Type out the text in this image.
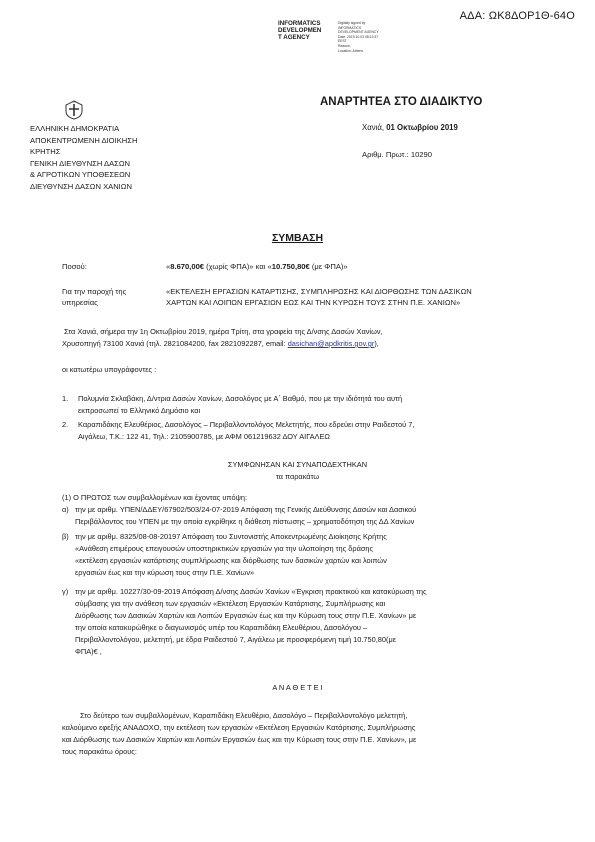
ΑΔΑ: ΩΚ8ΔΟΡ1Θ-64Ο
INFORMATICS
DEVELOPMEN
T AGENCY
Digitally signed by
INFORMATICS
DEVELOPMENT AGENCY
Date: 2019.10.03 08:13:37
EEST
Reason:
Location: Athens
ΕΛΛΗΝΙΚΗ ΔΗΜΟΚΡΑΤΙΑ
ΑΠΟΚΕΝΤΡΩΜΕΝΗ ΔΙΟΙΚΗΣΗ
ΚΡΗΤΗΣ
ΓΕΝΙΚΗ ΔΙΕΥΘΥΝΣΗ ΔΑΣΩΝ
& ΑΓΡΟΤΙΚΩΝ ΥΠΟΘΕΣΕΩΝ
ΔΙΕΥΘΥΝΣΗ ΔΑΣΩΝ ΧΑΝΙΩΝ
ΑΝΑΡΤΗΤΕΑ ΣΤΟ ΔΙΑΔΙΚΤΥΟ
Χανιά, 01 Οκτωβρίου 2019
Αριθμ. Πρωτ.: 10290
ΣΥΜΒΑΣΗ
Ποσού:	«8.670,00€ (χωρίς ΦΠΑ)» και «10.750,80€ (με ΦΠΑ)»
Για την παροχή της
υπηρεσίας
«ΕΚΤΕΛΕΣΗ ΕΡΓΑΣΙΩΝ ΚΑΤΑΡΤΙΣΗΣ, ΣΥΜΠΛΗΡΩΣΗΣ ΚΑΙ ΔΙΟΡΘΩΣΗΣ ΤΩΝ ΔΑΣΙΚΩΝ
ΧΑΡΤΩΝ ΚΑΙ ΛΟΙΠΩΝ ΕΡΓΑΣΙΩΝ ΕΩΣ ΚΑΙ ΤΗΝ ΚΥΡΩΣΗ ΤΟΥΣ ΣΤΗΝ Π.Ε. ΧΑΝΙΩΝ»
Στα Χανιά, σήμερα την 1η Οκτωβρίου 2019, ημέρα Τρίτη, στα γραφεία της Δ/νσης Δασών Χανίων,
Χρυσοπηγή 73100 Χανιά (τηλ. 2821084200, fax 2821092287, email: dasichan@apdkritis.gov.gr),
οι κατωτέρω υπογράφοντες :
1. Πολυμνία Σκλαβάκη, Δ/ντρια Δασών Χανίων, Δασολόγος με Α΄ Βαθμό, που με την ιδιότητά του αυτή
εκπροσωπεί το Ελληνικό Δημόσιο και
2. Καραπιδάκης Ελευθέριος, Δασολόγος – Περιβαλλοντολόγος Μελετητής, που εδρεύει στην Ραιδεστού 7,
Αιγάλεω, Τ.Κ.: 122 41, Τηλ.: 2105900785, με ΑΦΜ 061219632 ΔΟΥ ΑΙΓΑΛΕΩ
ΣΥΜΦΩΝΗΣΑΝ ΚΑΙ ΣΥΝΑΠΟΔΕΧΤΗΚΑΝ
τα παρακάτω
(1) Ο ΠΡΩΤΟΣ των συμβαλλομένων και έχοντας υπόψη:
α) την με αριθμ. ΥΠΕΝ/ΔΔΕΥ/67902/503/24-07-2019 Απόφαση της Γενικής Διεύθυνσης Δασών και Δασικού
Περιβάλλοντος του ΥΠΕΝ με την οποία εγκρίθηκε η διάθεση πίστωσης – χρηματοδότηση της ΔΔ Χανίων
β) την με αριθμ. 8325/08-08-20197 Απόφαση του Συντονιστής Αποκεντρωμένης Διοίκησης Κρήτης
«Ανάθεση επιμέρους επειγουσών υποστηρικτικών εργασιών για την υλοποίηση της δράσης
«εκτέλεση εργασιών κατάρτισης συμπλήρωσης και διόρθωσης των δασικών χαρτών και λοιπών
εργασιών έως και την κύρωση τους στην Π.Ε. Χανίων»
γ) την με αριθμ. 10227/30-09-2019 Απόφαση Δ/νσης Δασών Χανίων «Έγκριση πρακτικού και κατακύρωση της
σύμβασης για την ανάθεση των εργασιών «Εκτέλεση Εργασιών Κατάρτισης, Συμπλήρωσης και
Διόρθωσης των Δασικών Χαρτών και Λοιπών Εργασιών έως και την Κύρωση τους στην Π.Ε. Χανίων» με
την οποία κατακυρώθηκε ο διαγωνισμός υπέρ του Καραπιδάκη Ελευθέριου, Δασολόγου –
Περιβαλλοντολόγου, μελετητή, με έδρα Ραιδεστού 7, Αιγάλεω με προσφερόμενη τιμή 10.750,80(με
ΦΠΑ)€ ,
Α Ν Α Θ Ε Τ Ε Ι
Στο δεύτερο των συμβαλλομένων, Καραπιδάκη Ελευθέριο, Δασολόγο – Περιβαλλοντολόγο μελετητή,
καλούμενο εφεξής ΑΝΑΔΟΧΟ, την εκτέλεση των εργασιών «Εκτέλεση Εργασιών Κατάρτισης, Συμπλήρωσης
και Διόρθωσης των Δασικών Χαρτών και Λοιπών Εργασιών έως και την Κύρωση τους στην Π.Ε. Χανίων», με
τους παρακάτω όρους:
